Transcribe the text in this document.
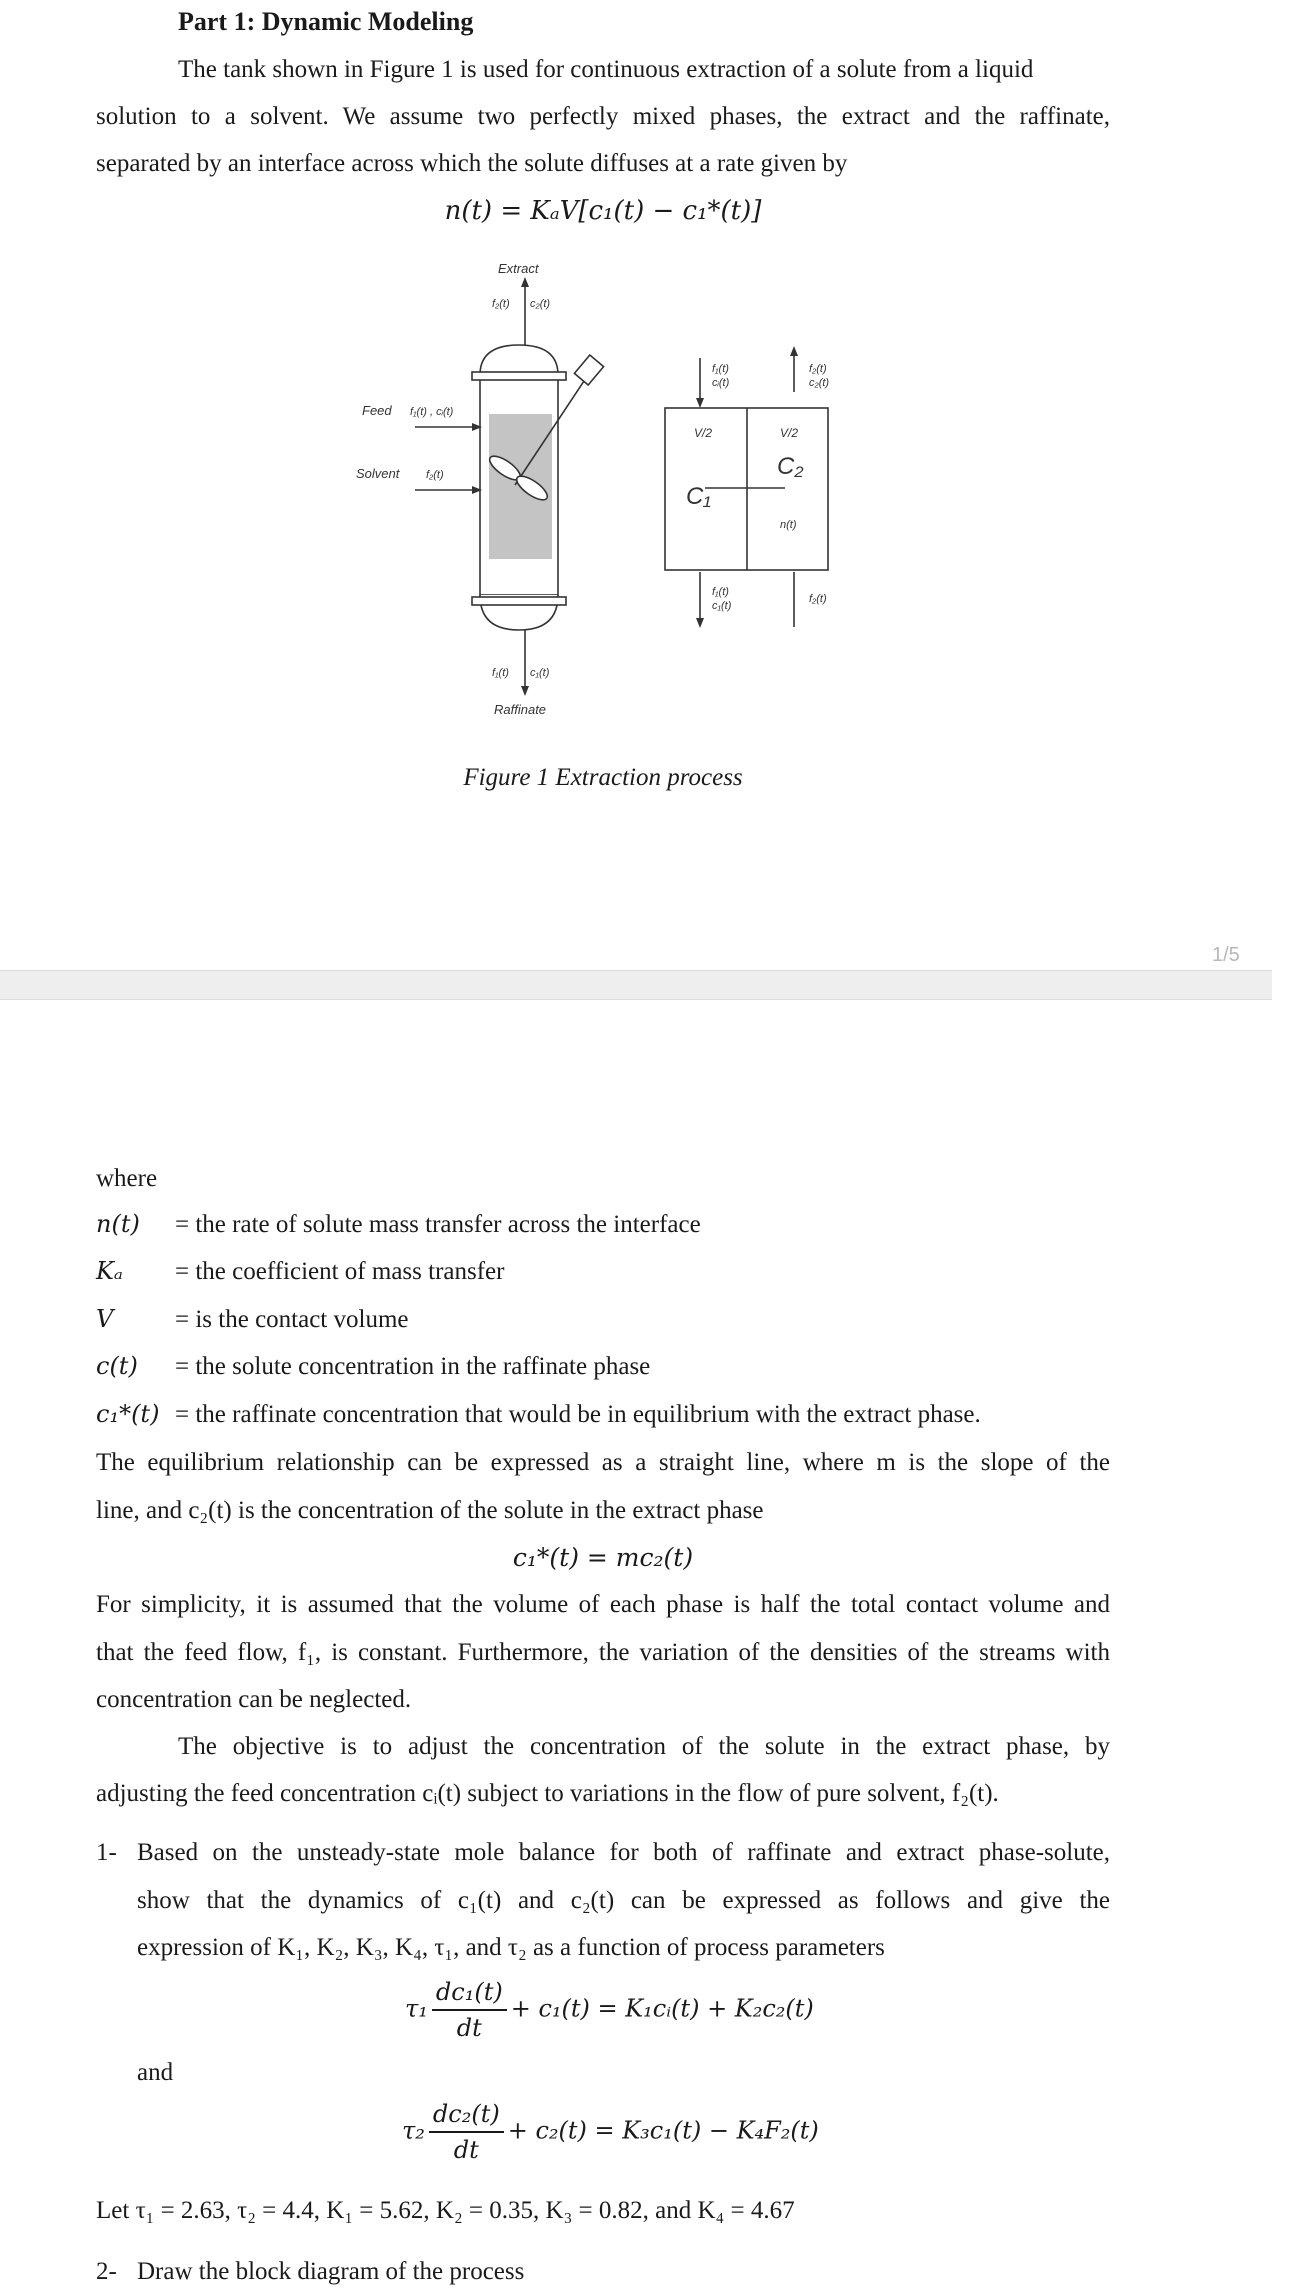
Part 1: Dynamic Modeling
The tank shown in Figure 1 is used for continuous extraction of a solute from a liquid
solution to a solvent. We assume two perfectly mixed phases, the extract and the raffinate,
separated by an interface across which the solute diffuses at a rate given by
n(t) = KₐV[c₁(t) − c₁*(t)]
Extract
f₂(t) c₂(t)
Feed f₁(t) , cᵢ(t)
Solvent f₂(t)
f₁(t) c₁(t)
Raffinate
f₁(t)
cᵢ(t)
f₂(t)
c₂(t)
V/2	V/2
C₂
C₁
n(t)
f₁(t)
c₁(t)
f₂(t)
Figure 1 Extraction process
1/5
where
n(t) = the rate of solute mass transfer across the interface
Kₐ = the coefficient of mass transfer
V = is the contact volume
c(t) = the solute concentration in the raffinate phase
c₁*(t) = the raffinate concentration that would be in equilibrium with the extract phase.
The equilibrium relationship can be expressed as a straight line, where m is the slope of the
line, and c₂(t) is the concentration of the solute in the extract phase
c₁*(t) = mc₂(t)
For simplicity, it is assumed that the volume of each phase is half the total contact volume and
that the feed flow, f₁, is constant. Furthermore, the variation of the densities of the streams with
concentration can be neglected.
The objective is to adjust the concentration of the solute in the extract phase, by
adjusting the feed concentration cᵢ(t) subject to variations in the flow of pure solvent, f₂(t).
1- Based on the unsteady-state mole balance for both of raffinate and extract phase-solute,
show that the dynamics of c₁(t) and c₂(t) can be expressed as follows and give the
expression of K₁, K₂, K₃, K₄, τ₁, and τ₂ as a function of process parameters
$\tau_1 \frac{\text{dc₁(t)}}{dt} + c_1(t)$ = K₁cᵢ(t) + K₂c₂(t)
and
$\tau_2 \frac{\text{dc₂(t)}}{dt} + c_2(t) = K_3c_1(t) - K_4F_2(t)$
Let τ₁ = 2.63, τ₂ = 4.4, K₁ = 5.62, K₂ = 0.35, K₃ = 0.82, and K₄ = 4.67
2- Draw the block diagram of the process
